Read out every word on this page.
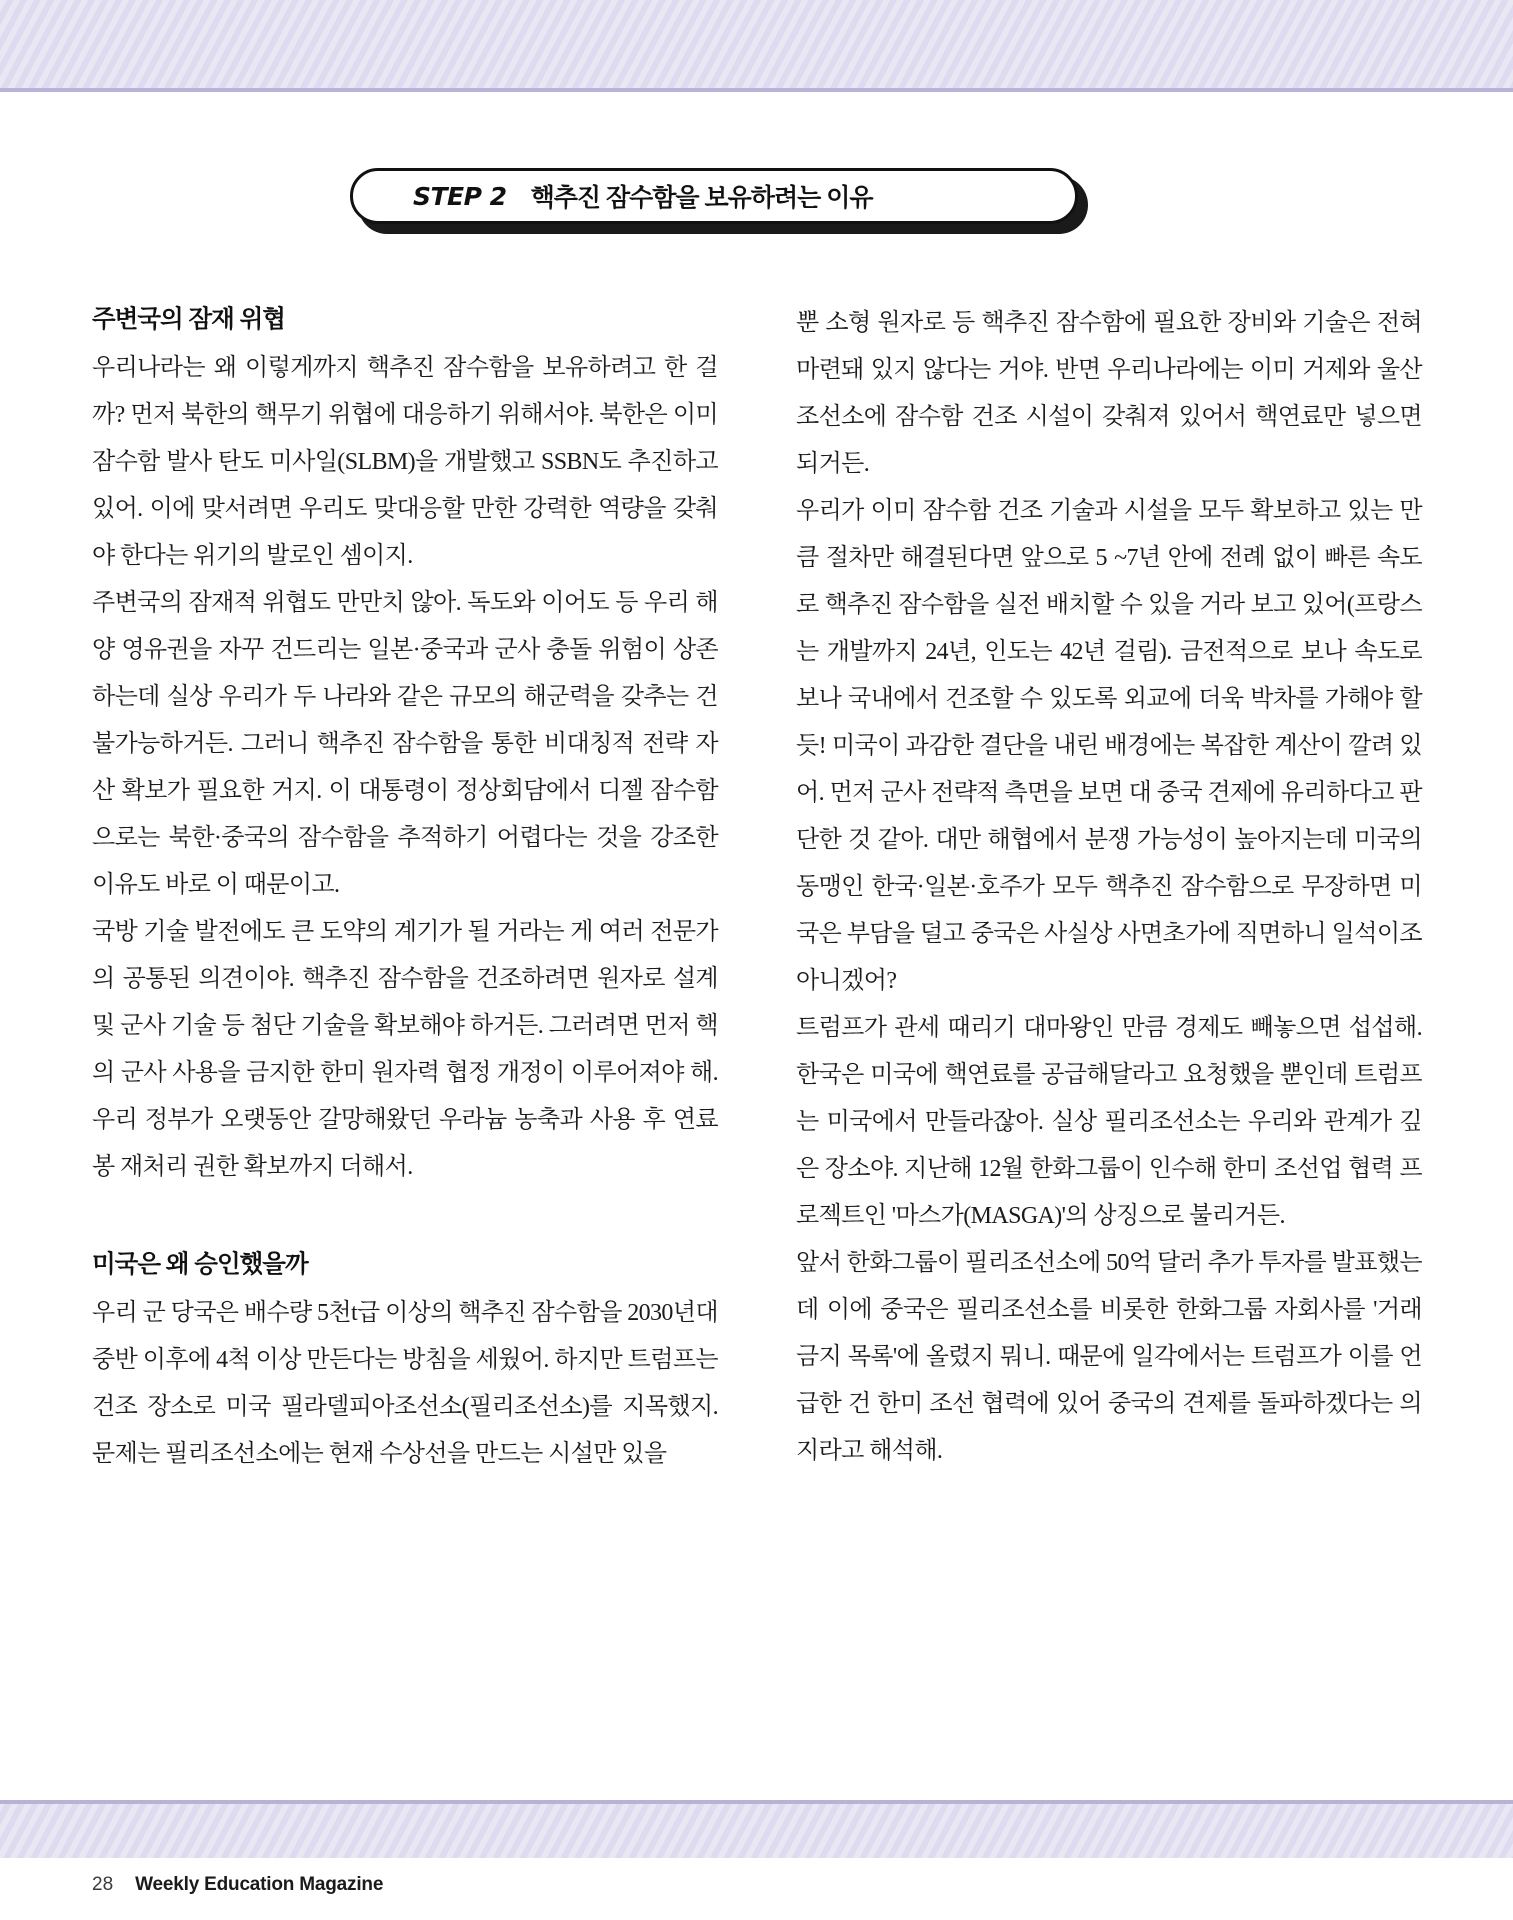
STEP 2 핵추진 잠수함을 보유하려는 이유
주변국의 잠재 위협

우리나라는 왜 이렇게까지 핵추진 잠수함을 보유하려고 한 걸까? 먼저 북한의 핵무기 위협에 대응하기 위해서야. 북한은 이미 잠수함 발사 탄도 미사일(SLBM)을 개발했고 SSBN도 추진하고 있어. 이에 맞서려면 우리도 맞대응할 만한 강력한 역량을 갖춰야 한다는 위기의 발로인 셈이지.

주변국의 잠재적 위협도 만만치 않아. 독도와 이어도 등 우리 해양 영유권을 자꾸 건드리는 일본·중국과 군사 충돌 위험이 상존하는데 실상 우리가 두 나라와 같은 규모의 해군력을 갖추는 건 불가능하거든. 그러니 핵추진 잠수함을 통한 비대칭적 전략 자산 확보가 필요한 거지. 이 대통령이 정상회담에서 디젤 잠수함으로는 북한·중국의 잠수함을 추적하기 어렵다는 것을 강조한 이유도 바로 이 때문이고.

국방 기술 발전에도 큰 도약의 계기가 될 거라는 게 여러 전문가의 공통된 의견이야. 핵추진 잠수함을 건조하려면 원자로 설계 및 군사 기술 등 첨단 기술을 확보해야 하거든. 그러려면 먼저 핵의 군사 사용을 금지한 한미 원자력 협정 개정이 이루어져야 해. 우리 정부가 오랫동안 갈망해왔던 우라늄 농축과 사용 후 연료봉 재처리 권한 확보까지 더해서.

미국은 왜 승인했을까

우리 군 당국은 배수량 5천t급 이상의 핵추진 잠수함을 2030년대 중반 이후에 4척 이상 만든다는 방침을 세웠어. 하지만 트럼프는 건조 장소로 미국 필라델피아조선소(필리조선소)를 지목했지. 문제는 필리조선소에는 현재 수상선을 만드는 시설만 있을

뿐 소형 원자로 등 핵추진 잠수함에 필요한 장비와 기술은 전혀 마련돼 있지 않다는 거야. 반면 우리나라에는 이미 거제와 울산조선소에 잠수함 건조 시설이 갖춰져 있어서 핵연료만 넣으면 되거든.

우리가 이미 잠수함 건조 기술과 시설을 모두 확보하고 있는 만큼 절차만 해결된다면 앞으로 5 ~7년 안에 전례 없이 빠른 속도로 핵추진 잠수함을 실전 배치할 수 있을 거라 보고 있어(프랑스는 개발까지 24년, 인도는 42년 걸림). 금전적으로 보나 속도로 보나 국내에서 건조할 수 있도록 외교에 더욱 박차를 가해야 할 듯! 미국이 과감한 결단을 내린 배경에는 복잡한 계산이 깔려 있어. 먼저 군사 전략적 측면을 보면 대 중국 견제에 유리하다고 판단한 것 같아. 대만 해협에서 분쟁 가능성이 높아지는데 미국의 동맹인 한국·일본·호주가 모두 핵추진 잠수함으로 무장하면 미국은 부담을 덜고 중국은 사실상 사면초가에 직면하니 일석이조 아니겠어?

트럼프가 관세 때리기 대마왕인 만큼 경제도 빼놓으면 섭섭해. 한국은 미국에 핵연료를 공급해달라고 요청했을 뿐인데 트럼프는 미국에서 만들라잖아. 실상 필리조선소는 우리와 관계가 깊은 장소야. 지난해 12월 한화그룹이 인수해 한미 조선업 협력 프로젝트인 '마스가(MASGA)'의 상징으로 불리거든.

앞서 한화그룹이 필리조선소에 50억 달러 추가 투자를 발표했는데 이에 중국은 필리조선소를 비롯한 한화그룹 자회사를 '거래 금지 목록'에 올렸지 뭐니. 때문에 일각에서는 트럼프가 이를 언급한 건 한미 조선 협력에 있어 중국의 견제를 돌파하겠다는 의지라고 해석해.

28 Weekly Education Magazine
